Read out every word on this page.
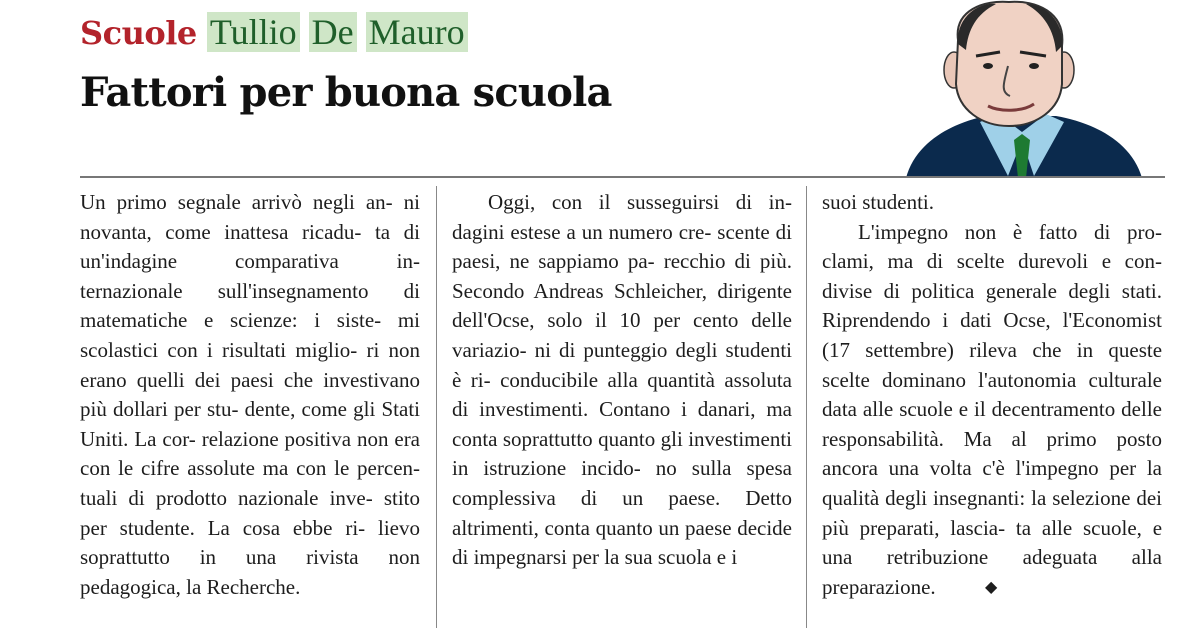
Scuole Tullio De Mauro
Fattori per buona scuola

Un primo segnale arrivò negli an- ni novanta, come inattesa ricadu- ta di un'indagine comparativa in- ternazionale sull'insegnamento di matematiche e scienze: i siste- mi scolastici con i risultati miglio- ri non erano quelli dei paesi che investivano più dollari per stu- dente, come gli Stati Uniti. La cor- relazione positiva non era con le cifre assolute ma con le percen- tuali di prodotto nazionale inve- stito per studente. La cosa ebbe ri- lievo soprattutto in una rivista non pedagogica, la Recherche.

Oggi, con il susseguirsi di in- dagini estese a un numero cre- scente di paesi, ne sappiamo pa- recchio di più. Secondo Andreas Schleicher, dirigente dell'Ocse, solo il 10 per cento delle variazio- ni di punteggio degli studenti è ri- conducibile alla quantità assoluta di investimenti. Contano i danari, ma conta soprattutto quanto gli investimenti in istruzione incido- no sulla spesa complessiva di un paese. Detto altrimenti, conta quanto un paese decide di impegnarsi per la sua scuola e i

suoi studenti.

L'impegno non è fatto di pro- clami, ma di scelte durevoli e con- divise di politica generale degli stati. Riprendendo i dati Ocse, l'Economist (17 settembre) rileva che in queste scelte dominano l'autonomia culturale data alle scuole e il decentramento delle responsabilità. Ma al primo posto ancora una volta c'è l'impegno per la qualità degli insegnanti: la selezione dei più preparati, lascia- ta alle scuole, e una retribuzione adeguata alla preparazione.	◆
